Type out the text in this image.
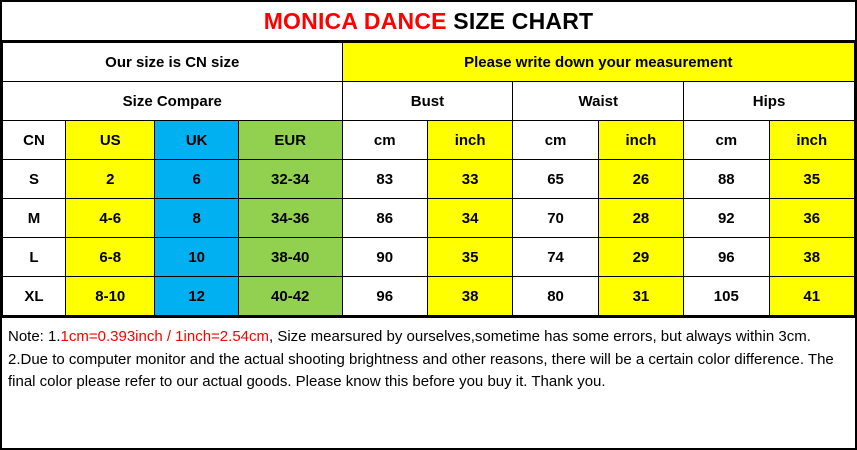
MONICA DANCE SIZE CHART
Our size is CN size				Please write down your measurement					
Size Compare				Bust		Waist		Hips	
CN	US	UK	EUR	cm	inch	cm	inch	cm	inch
S	2	6	32-34	83	33	65	26	88	35
M	4-6	8	34-36	86	34	70	28	92	36
L	6-8	10	38-40	90	35	74	29	96	38
XL	8-10	12	40-42	96	38	80	31	105	41

Note: 1.1cm=0.393inch / 1inch=2.54cm, Size mearsured by ourselves,sometime has some errors, but always within 3cm.

2.Due to computer monitor and the actual shooting brightness and other reasons, there will be a certain color difference. The final color please refer to our actual goods. Please know this before you buy it. Thank you.
